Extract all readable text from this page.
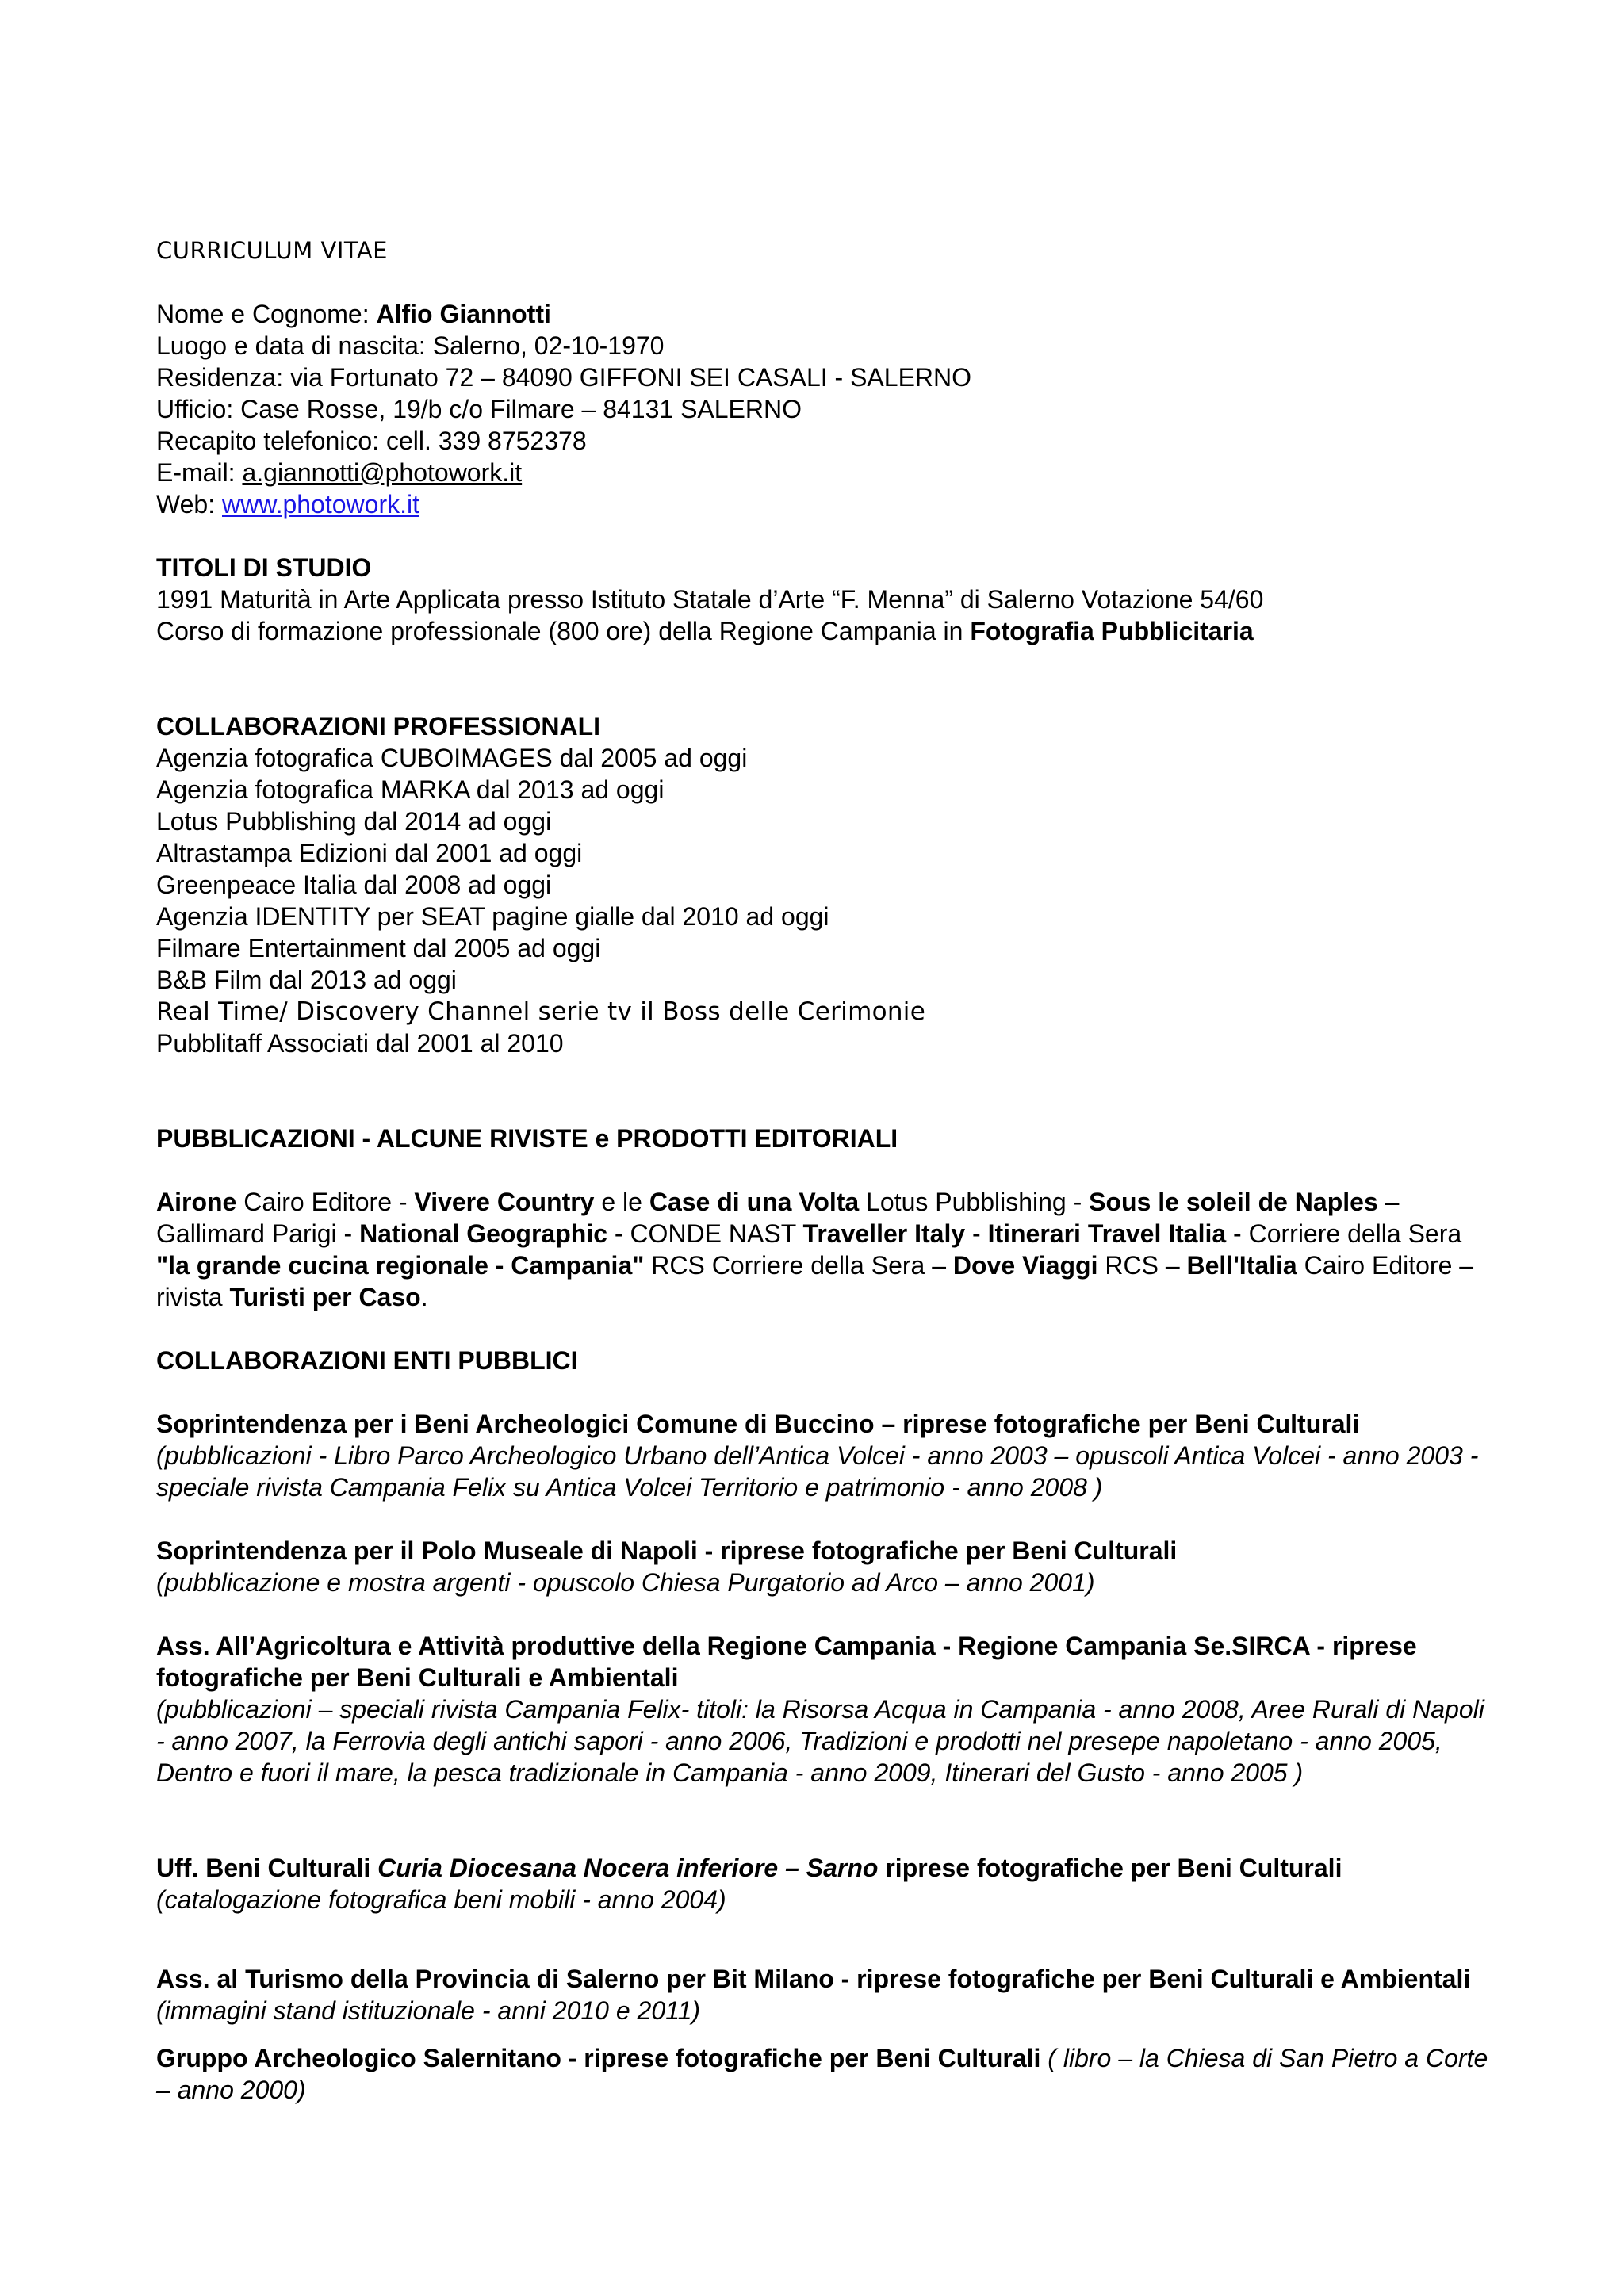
CURRICULUM VITAE
Nome e Cognome: Alfio Giannotti
Luogo e data di nascita: Salerno, 02-10-1970
Residenza: via Fortunato 72 – 84090 GIFFONI SEI CASALI - SALERNO
Ufficio: Case Rosse, 19/b c/o Filmare – 84131 SALERNO
Recapito telefonico: cell. 339 8752378
E-mail: a.giannotti@photowork.it
Web: www.photowork.it
TITOLI DI STUDIO
1991 Maturità in Arte Applicata presso Istituto Statale d’Arte “F. Menna” di Salerno Votazione 54/60
Corso di formazione professionale (800 ore) della Regione Campania in Fotografia Pubblicitaria
COLLABORAZIONI PROFESSIONALI
Agenzia fotografica CUBOIMAGES dal 2005 ad oggi
Agenzia fotografica MARKA dal 2013 ad oggi
Lotus Pubblishing dal 2014 ad oggi
Altrastampa Edizioni dal 2001 ad oggi
Greenpeace Italia dal 2008 ad oggi
Agenzia IDENTITY per SEAT pagine gialle dal 2010 ad oggi
Filmare Entertainment dal 2005 ad oggi
B&B Film dal 2013 ad oggi
Real Time/ Discovery Channel serie tv il Boss delle Cerimonie
Pubblitaff Associati dal 2001 al 2010
PUBBLICAZIONI - ALCUNE RIVISTE e PRODOTTI EDITORIALI
Airone Cairo Editore - Vivere Country e le Case di una Volta Lotus Pubblishing - Sous le soleil de Naples – Gallimard Parigi - National Geographic - CONDE NAST Traveller Italy - Itinerari Travel Italia - Corriere della Sera "la grande cucina regionale - Campania" RCS Corriere della Sera – Dove Viaggi RCS – Bell'Italia Cairo Editore – rivista Turisti per Caso.
COLLABORAZIONI ENTI PUBBLICI
Soprintendenza per i Beni Archeologici Comune di Buccino – riprese fotografiche per Beni Culturali
(pubblicazioni - Libro Parco Archeologico Urbano dell’Antica Volcei - anno 2003 – opuscoli Antica Volcei - anno 2003 - speciale rivista Campania Felix su Antica Volcei Territorio e patrimonio - anno 2008 )
Soprintendenza per il Polo Museale di Napoli - riprese fotografiche per Beni Culturali
(pubblicazione e mostra argenti - opuscolo Chiesa Purgatorio ad Arco – anno 2001)
Ass. All’Agricoltura e Attività produttive della Regione Campania - Regione Campania Se.SIRCA - riprese fotografiche per Beni Culturali e Ambientali
(pubblicazioni – speciali rivista Campania Felix- titoli: la Risorsa Acqua in Campania - anno 2008, Aree Rurali di Napoli - anno 2007, la Ferrovia degli antichi sapori - anno 2006, Tradizioni e prodotti nel presepe napoletano - anno 2005, Dentro e fuori il mare, la pesca tradizionale in Campania - anno 2009, Itinerari del Gusto - anno 2005 )
Uff. Beni Culturali Curia Diocesana Nocera inferiore – Sarno riprese fotografiche per Beni Culturali
(catalogazione fotografica beni mobili - anno 2004)
Ass. al Turismo della Provincia di Salerno per Bit Milano - riprese fotografiche per Beni Culturali e Ambientali (immagini stand istituzionale - anni 2010 e 2011)
Gruppo Archeologico Salernitano - riprese fotografiche per Beni Culturali ( libro – la Chiesa di San Pietro a Corte – anno 2000)
